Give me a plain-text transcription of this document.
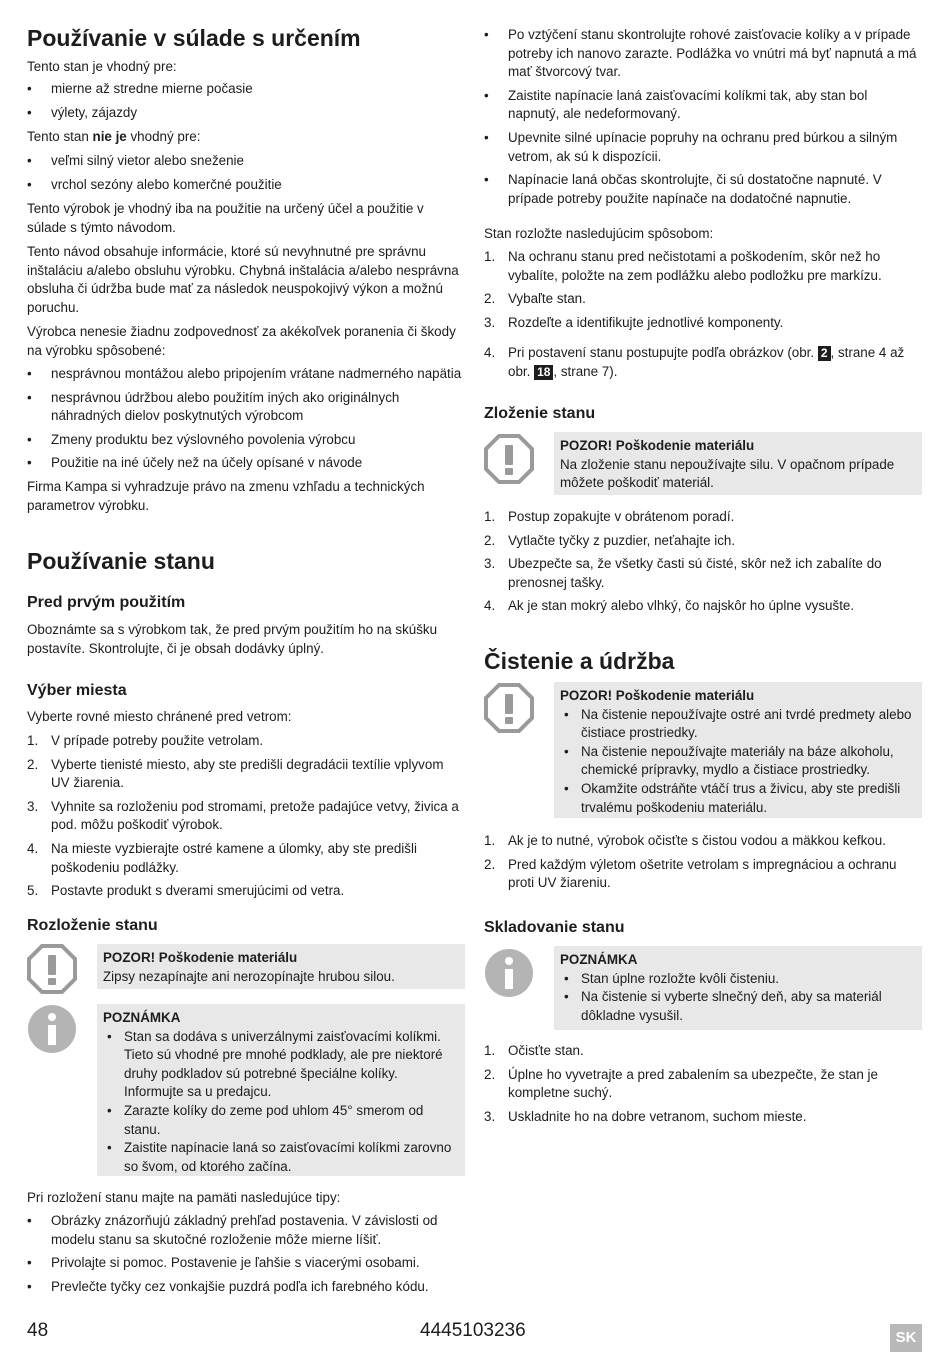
Používanie v súlade s určením

Tento stan je vhodný pre:

• mierne až stredne mierne počasie
• výlety, zájazdy

Tento stan nie je vhodný pre:

• veľmi silný vietor alebo sneženie
• vrchol sezóny alebo komerčné použitie

Tento výrobok je vhodný iba na použitie na určený účel a použitie v súlade s týmto návodom.

Tento návod obsahuje informácie, ktoré sú nevyhnutné pre správnu inštaláciu a/alebo obsluhu výrobku. Chybná inštalácia a/alebo nesprávna obsluha či údržba bude mať za následok neuspokojivý výkon a možnú poruchu.

Výrobca nenesie žiadnu zodpovednosť za akékoľvek poranenia či škody na výrobku spôsobené:

• nesprávnou montážou alebo pripojením vrátane nadmerného napätia
• nesprávnou údržbou alebo použitím iných ako originálnych náhradných dielov poskytnutých výrobcom
• Zmeny produktu bez výslovného povolenia výrobcu
• Použitie na iné účely než na účely opísané v návode

Firma Kampa si vyhradzuje právo na zmenu vzhľadu a technických parametrov výrobku.

Používanie stanu
Pred prvým použitím

Oboznámte sa s výrobkom tak, že pred prvým použitím ho na skúšku postavíte. Skontrolujte, či je obsah dodávky úplný.

Výber miesta

Vyberte rovné miesto chránené pred vetrom:

1. V prípade potreby použite vetrolam.
2. Vyberte tienisté miesto, aby ste predišli degradácii textílie vplyvom UV žiarenia.
3. Vyhnite sa rozloženiu pod stromami, pretože padajúce vetvy, živica a pod. môžu poškodiť výrobok.
4. Na mieste vyzbierajte ostré kamene a úlomky, aby ste predišli poškodeniu podlážky.
5. Postavte produkt s dverami smerujúcimi od vetra.
Rozloženie stanu

POZOR! Poškodenie materiálu

Zipsy nezapínajte ani nerozopínajte hrubou silou.

POZNÁMKA

• Stan sa dodáva s univerzálnymi zaisťovacími kolíkmi. Tieto sú vhodné pre mnohé podklady, ale pre niektoré druhy podkladov sú potrebné špeciálne kolíky. Informujte sa u predajcu.
• Zarazte kolíky do zeme pod uhlom 45° smerom od stanu.
• Zaistite napínacie laná so zaisťovacími kolíkmi zarovno so švom, od ktorého začína.

Pri rozložení stanu majte na pamäti nasledujúce tipy:

• Obrázky znázorňujú základný prehľad postavenia. V závislosti od modelu stanu sa skutočné rozloženie môže mierne líšiť.
• Privolajte si pomoc. Postavenie je ľahšie s viacerými osobami.
• Prevlečte tyčky cez vonkajšie puzdrá podľa ich farebného kódu.
• Po vztýčení stanu skontrolujte rohové zaisťovacie kolíky a v prípade potreby ich nanovo zarazte. Podlážka vo vnútri má byť napnutá a má mať štvorcový tvar.
• Zaistite napínacie laná zaisťovacími kolíkmi tak, aby stan bol napnutý, ale nedeformovaný.
• Upevnite silné upínacie popruhy na ochranu pred búrkou a silným vetrom, ak sú k dispozícii.
• Napínacie laná občas skontrolujte, či sú dostatočne napnuté. V prípade potreby použite napínače na dodatočné napnutie.

Stan rozložte nasledujúcim spôsobom:

1. Na ochranu stanu pred nečistotami a poškodením, skôr než ho vybalíte, položte na zem podlážku alebo podložku pre markízu.
2. Vybaľte stan.
3. Rozdeľte a identifikujte jednotlivé komponenty.
4. Pri postavení stanu postupujte podľa obrázkov (obr. 2 , strane 4 až obr. 18 , strane 7).
Zloženie stanu

POZOR! Poškodenie materiálu

Na zloženie stanu nepoužívajte silu. V opačnom prípade môžete poškodiť materiál.

1. Postup zopakujte v obrátenom poradí.
2. Vytlačte tyčky z puzdier, neťahajte ich.
3. Ubezpečte sa, že všetky časti sú čisté, skôr než ich zabalíte do prenosnej tašky.
4. Ak je stan mokrý alebo vlhký, čo najskôr ho úplne vysušte.
Čistenie a údržba

POZOR! Poškodenie materiálu

• Na čistenie nepoužívajte ostré ani tvrdé predmety alebo čistiace prostriedky.
• Na čistenie nepoužívajte materiály na báze alkoholu, chemické prípravky, mydlo a čistiace prostriedky.
• Okamžite odstráňte vtáčí trus a živicu, aby ste predišli trvalému poškodeniu materiálu.
1. Ak je to nutné, výrobok očisťte s čistou vodou a mäkkou kefkou.
2. Pred každým výletom ošetrite vetrolam s impregnáciou a ochranu proti UV žiareniu.
Skladovanie stanu

POZNÁMKA

• Stan úplne rozložte kvôli čisteniu.
• Na čistenie si vyberte slnečný deň, aby sa materiál dôkladne vysušil.
1. Očisťte stan.
2. Úplne ho vyvetrajte a pred zabalením sa ubezpečte, že stan je kompletne suchý.
3. Uskladnite ho na dobre vetranom, suchom mieste.
48	4445103236	SK
